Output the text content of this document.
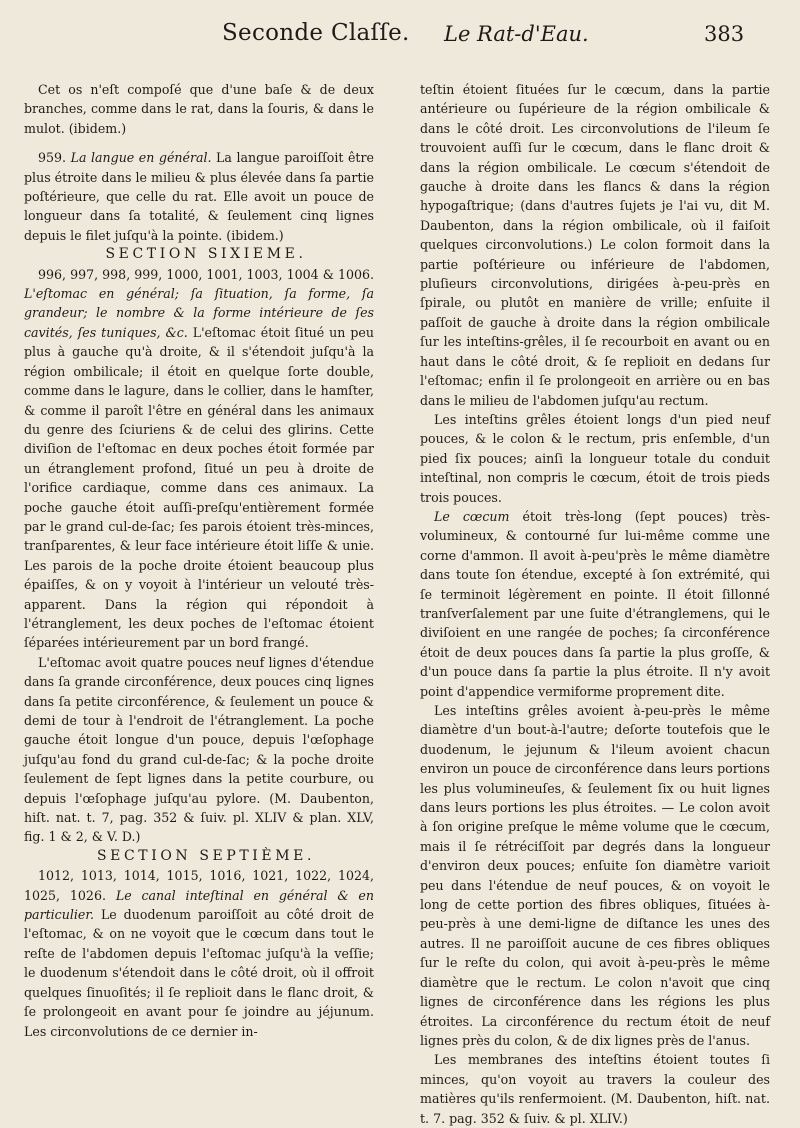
Seconde Claſſe. Le Rat-d'Eau.	383

Cet os n'eſt compoſé que d'une baſe & de deux branches, comme dans le rat, dans la ſouris, & dans le mulot. (ibidem.)

959. La langue en général. La langue paroiſſoit être plus étroite dans le milieu & plus élevée dans ſa partie poſtérieure, que celle du rat. Elle avoit un pouce de longueur dans ſa totalité, & ſeulement cinq lignes depuis le filet juſqu'à la pointe. (ibidem.)

SECTION SIXIEME.

996, 997, 998, 999, 1000, 1001, 1003, 1004 & 1006. L'eſtomac en général; ſa ſituation, ſa forme, ſa grandeur; le nombre & la forme intérieure de ſes cavités, ſes tuniques, &c. L'eſtomac étoit ſitué un peu plus à gauche qu'à droite, & il s'étendoit juſqu'à la région ombilicale; il étoit en quelque ſorte double, comme dans le lagure, dans le collier, dans le hamſter, & comme il paroît l'être en général dans les animaux du genre des ſciuriens & de celui des glirins. Cette diviſion de l'eſtomac en deux poches étoit formée par un étranglement profond, ſitué un peu à droite de l'orifice cardiaque, comme dans ces animaux. La poche gauche étoit auſſi-preſqu'entièrement formée par le grand cul-de-ſac; ſes parois étoient très-minces, tranſparentes, & leur face intérieure étoit liſſe & unie. Les parois de la poche droite étoient beaucoup plus épaiſſes, & on y voyoit à l'intérieur un velouté très-apparent. Dans la région qui répondoit à l'étranglement, les deux poches de l'eſtomac étoient ſéparées intérieurement par un bord frangé.

L'eſtomac avoit quatre pouces neuf lignes d'étendue dans ſa grande circonférence, deux pouces cinq lignes dans ſa petite circonférence, & ſeulement un pouce & demi de tour à l'endroit de l'étranglement. La poche gauche étoit longue d'un pouce, depuis l'œſophage juſqu'au fond du grand cul-de-ſac; & la poche droite ſeulement de ſept lignes dans la petite courbure, ou depuis l'œſophage juſqu'au pylore. (M. Daubenton, hiſt. nat. t. 7, pag. 352 & ſuiv. pl. XLIV & plan. XLV, fig. 1 & 2, & V. D.)

SECTION SEPTIÈME.

1012, 1013, 1014, 1015, 1016, 1021, 1022, 1024, 1025, 1026. Le canal inteſtinal en général & en particulier. Le duodenum paroiſſoit au côté droit de l'eſtomac, & on ne voyoit que le cœcum dans tout le reſte de l'abdomen depuis l'eſtomac juſqu'à la veſſie; le duodenum s'étendoit dans le côté droit, où il offroit quelques ſinuoſités; il ſe replioit dans le flanc droit, & ſe prolongeoit en avant pour ſe joindre au jéjunum. Les circonvolutions de ce dernier in-

teſtin étoient ſituées ſur le cœcum, dans la partie antérieure ou ſupérieure de la région ombilicale & dans le côté droit. Les circonvolutions de l'ileum ſe trouvoient auſſi ſur le cœcum, dans le flanc droit & dans la région ombilicale. Le cœcum s'étendoit de gauche à droite dans les flancs & dans la région hypogaſtrique; (dans d'autres ſujets je l'ai vu, dit M. Daubenton, dans la région ombilicale, où il faiſoit quelques circonvolutions.) Le colon formoit dans la partie poſtérieure ou inférieure de l'abdomen, pluſieurs circonvolutions, dirigées à-peu-près en ſpirale, ou plutôt en manière de vrille; enſuite il paſſoit de gauche à droite dans la région ombilicale ſur les inteſtins-grêles, il ſe recourboit en avant ou en haut dans le côté droit, & ſe replioit en dedans ſur l'eſtomac; enfin il ſe prolongeoit en arrière ou en bas dans le milieu de l'abdomen juſqu'au rectum.

Les inteſtins grêles étoient longs d'un pied neuf pouces, & le colon & le rectum, pris enſemble, d'un pied ſix pouces; ainſi la longueur totale du conduit inteſtinal, non compris le cœcum, étoit de trois pieds trois pouces.

Le cœcum étoit très-long (ſept pouces) très-volumineux, & contourné ſur lui-même comme une corne d'ammon. Il avoit à-peu'près le même diamètre dans toute ſon étendue, excepté à ſon extrémité, qui ſe terminoit légèrement en pointe. Il étoit ſillonné tranſverſalement par une ſuite d'étranglemens, qui le diviſoient en une rangée de poches; ſa circonférence étoit de deux pouces dans ſa partie la plus groſſe, & d'un pouce dans ſa partie la plus étroite. Il n'y avoit point d'appendice vermiforme proprement dite.

Les inteſtins grêles avoient à-peu-près le même diamètre d'un bout-à-l'autre; deſorte toutefois que le duodenum, le jejunum & l'ileum avoient chacun environ un pouce de circonférence dans leurs portions les plus volumineuſes, & ſeulement ſix ou huit lignes dans leurs portions les plus étroites. — Le colon avoit à ſon origine preſque le même volume que le cœcum, mais il ſe rétréciſſoit par degrés dans la longueur d'environ deux pouces; enſuite ſon diamètre varioit peu dans l'étendue de neuf pouces, & on voyoit le long de cette portion des fibres obliques, ſituées à-peu-près à une demi-ligne de diſtance les unes des autres. Il ne paroiſſoit aucune de ces fibres obliques ſur le reſte du colon, qui avoit à-peu-près le même diamètre que le rectum. Le colon n'avoit que cinq lignes de circonférence dans les régions les plus étroites. La circonférence du rectum étoit de neuf lignes près du colon, & de dix lignes près de l'anus.

Les membranes des inteſtins étoient toutes ſi minces, qu'on voyoit au travers la couleur des matières qu'ils renfermoient. (M. Daubenton, hiſt. nat. t. 7. pag. 352 & ſuiv. & pl. XLIV.)
